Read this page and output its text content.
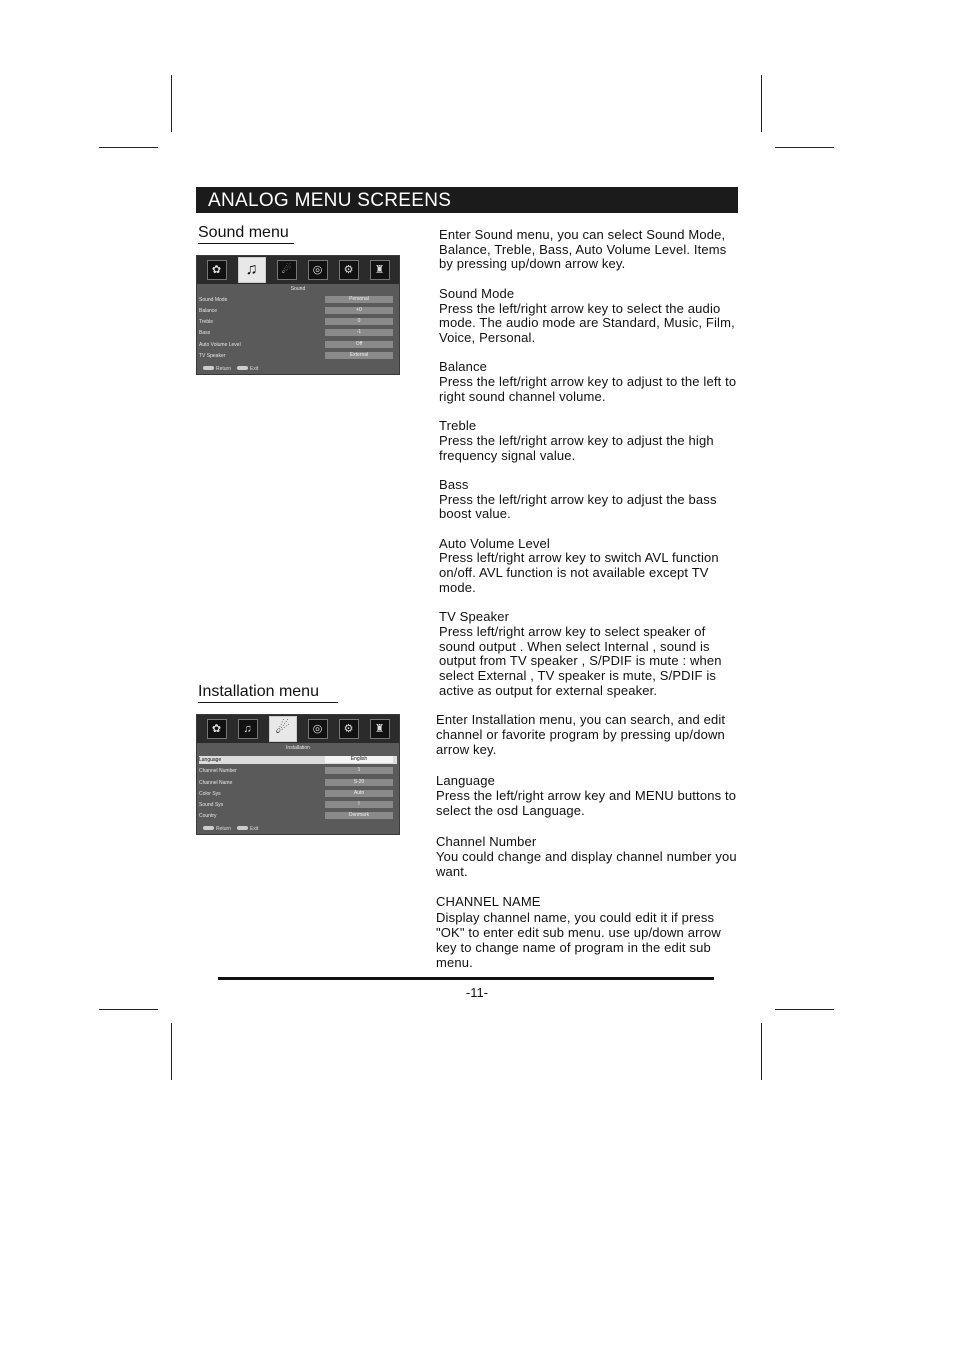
ANALOG MENU SCREENS
Sound menu
✿	♫	☄	◎	⚙	♜
Sound
Sound Mode	Personal
Balance	+0
Treble	0
Bass	-1
Auto Volume Level	Off
TV Speaker	External
Return	Exit

Enter Sound menu, you can select Sound Mode, Balance, Treble, Bass, Auto Volume Level. Items by pressing up/down arrow key.

Sound Mode

Press the left/right arrow key to select the audio mode. The audio mode are Standard, Music, Film, Voice, Personal.

Balance

Press the left/right arrow key to adjust to the left to right sound channel volume.

Treble

Press the left/right arrow key to adjust the high frequency signal value.

Bass

Press the left/right arrow key to adjust the bass boost value.

Auto Volume Level

Press left/right arrow key to switch AVL function on/off. AVL function is not available except TV mode.

TV Speaker

Press left/right arrow key to select speaker of sound output . When select Internal , sound is output from TV speaker , S/PDIF is mute : when select External , TV speaker is mute, S/PDIF is active as output for external speaker.

Installation menu
✿	♫	☄	◎	⚙	♜
Installation
Language	English
Channel Number	1
Channel Name	S-20
Color Sys	Auto
Sound Sys	I
Country	Denmark
Return	Exit

Enter Installation menu, you can search, and edit channel or favorite program by pressing up/down arrow key.

Language

Press the left/right arrow key and MENU buttons to select the osd Language.

Channel Number

You could change and display channel number you want.

CHANNEL NAME

Display channel name, you could edit it if press "OK" to enter edit sub menu. use up/down arrow key to change name of program in the edit sub menu.

-11-
